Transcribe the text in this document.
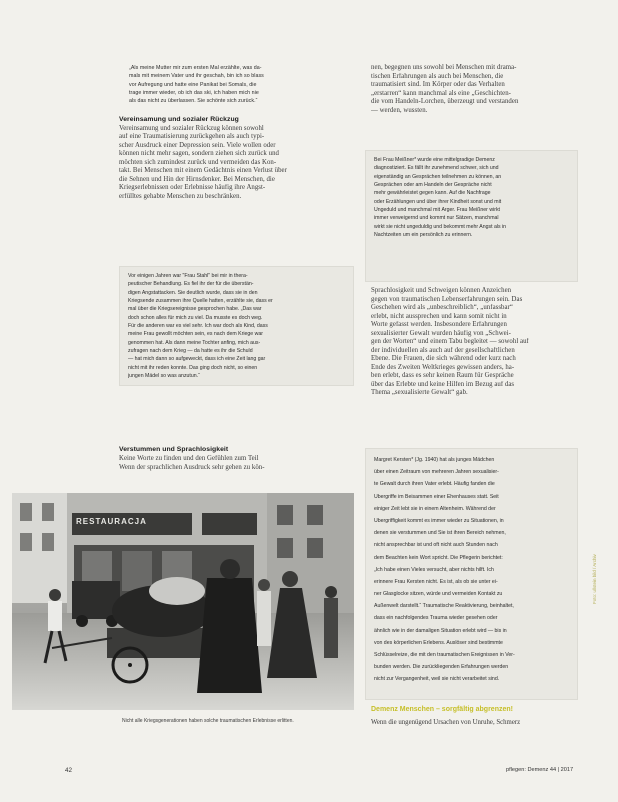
„Als meine Mutter mir zum ersten Mal erzählte, was da-
mals mit meinem Vater und ihr geschah, bin ich so blass
vor Aufregung und hatte eine Panikat bei Somals, die
trage immer wieder, ob ich das ski, ich haben mich nie
als das nicht zu überlassen. Sie schönte sich zurück.“
Vereinsamung und sozialer Rückzug
Vereinsamung und sozialer Rückzug können sowohl
auf eine Traumatisierung zurückgehen als auch typi-
scher Ausdruck einer Depression sein. Viele wollen oder
können nicht mehr sagen, sondern ziehen sich zurück und
möchten sich zumindest zurück und vermeiden das Kon-
takt. Bei Menschen mit einem Gedächtnis einen Verlust über
die Sehnen und Hin der Hirnsdenker. Bei Menschen, die
Kriegserlebnissen oder Erlebnisse häufig ihre Angst-
erfülltes gehabte Menschen zu beschränken.
Vor einigen Jahren war "Frau Stahl" bei mir in thera-
peutischer Behandlung. Es fiel ihr der für die überstän-
digen Angstattacken. Sie deutlich wurde, dass sie in den
Kriegsende zusammen ihre Quelle hatten, erzählte sie, dass er
mal über die Kriegsereignisse gesprochen habe. „Das war
doch schon alles für mich zu viel. Da musste es doch weg.
Für die anderen war es viel sehr. Ich war doch als Kind, dass
meine Frau gewollt möchten sein, es nach dem Kriege war
genommen hat. Als dann meine Tochter anfing, mich aus-
zufragen nach dem Krieg — da hatte es ihr die Schuld
— hat mich dann so aufgeweckt, dass ich eine Zeit lang gar
nicht mit ihr reden konnte. Das ging doch nicht, so einen
jungen Mädel so was anzutun.“
Verstummen und Sprachlosigkeit
Keine Worte zu finden und den Gefühlen zum Teil
Wenn der sprachlichen Ausdruck sehr gehen zu kön-
RESTAURACJA
Nicht alle Kriegsgenerationen haben solche traumatischen Erlebnisse erlitten.
nen, begegnen uns sowohl bei Menschen mit drama-
tischen Erfahrungen als auch bei Menschen, die
traumatisiert sind. Im Körper oder das Verhalten
„erstarren“ kann manchmal als eine „Geschichten-
die vom Handeln-Lorchen, überzeugt und verstanden
— werden, wussten.
Bei Frau Meißner* wurde eine mittelgradige Demenz
diagnostiziert. Es fällt ihr zunehmend schwer, sich und
eigenständig an Gesprächen teilnehmen zu können, an
Gesprächen oder am Handeln der Gespräche nicht
mehr gewährleistet gegen kann. Auf die Nachfrage
oder Erzählungen und über ihrer Kindheit sonst und mit
Ungeduld und manchmal mit Ärger. Frau Meißner wirkt
immer verweigernd und kommt nur Sätzen, manchmal
wirkt sie nicht ungeduldig und bekommt mehr Angst als in
Nachtzeiten um ein persönlich zu erinnern.
Sprachlosigkeit und Schweigen können Anzeichen
gegen von traumatischen Lebenserfahrungen sein. Das
Geschehen wird als „unbeschreiblich“, „unfassbar“
erlebt, nicht aussprechen und kann somit nicht in
Worte gefasst werden. Insbesondere Erfahrungen
sexualisierter Gewalt wurden häufig von „Schwei-
gen der Worten“ und einem Tabu begleitet — sowohl auf
der individuellen als auch auf der gesellschaftlichen
Ebene. Die Frauen, die sich während oder kurz nach
Ende des Zweiten Weltkrieges gewissen anders, ha-
ben erlebt, dass es sehr keinen Raum für Gespräche
über das Erlebte und keine Hilfen im Bezug auf das
Thema „sexualisierte Gewalt“ gab.
Margret Kersten* (Jg. 1940) hat als junges Mädchen
über einen Zeitraum von mehreren Jahren sexualisier-
te Gewalt durch ihren Vater erlebt. Häufig fanden die
Übergriffe im Beisammen einer Ehenhauses statt. Seit
einiger Zeit lebt sie in einem Altenheim. Während der
Übergriffigkeit kommt es immer wieder zu Situationen, in
denen sie verstummen und Sie ist ihren Bereich nehmen,
nicht ansprechbar ist und oft nicht auch Stunden nach
dem Beachten kein Wort spricht. Die Pflegerin berichtet:
„Ich habe einen Vieles versucht, aber nichts hilft. Ich
erinnere Frau Kersten nicht. Es ist, als ob sie unter ei-
ner Glasglocke sitzen, würde und vermeiden Kontakt zu
Außenwelt darstellt.“ Traumatische Reaktivierung, beinhaltet,
dass ein nachfolgendes Trauma wieder gesehen oder
ähnlich wie in der damaligen Situation erlebt wird — bis in
von des körperlichen Erlebens. Auslöser sind bestimmte
Schlüsselreize, die mit den traumatischen Ereignissen in Ver-
bunden werden. Die zurückliegenden Erfahrungen werden
nicht zur Vergangenheit, weil sie nicht verarbeitet sind.
Demenz Menschen – sorgfältig abgrenzen!
Wenn die ungenügend Ursachen von Unruhe, Schmerz
Foto: ullstein bild / Archiv
42	pflegen: Demenz 44 | 2017
